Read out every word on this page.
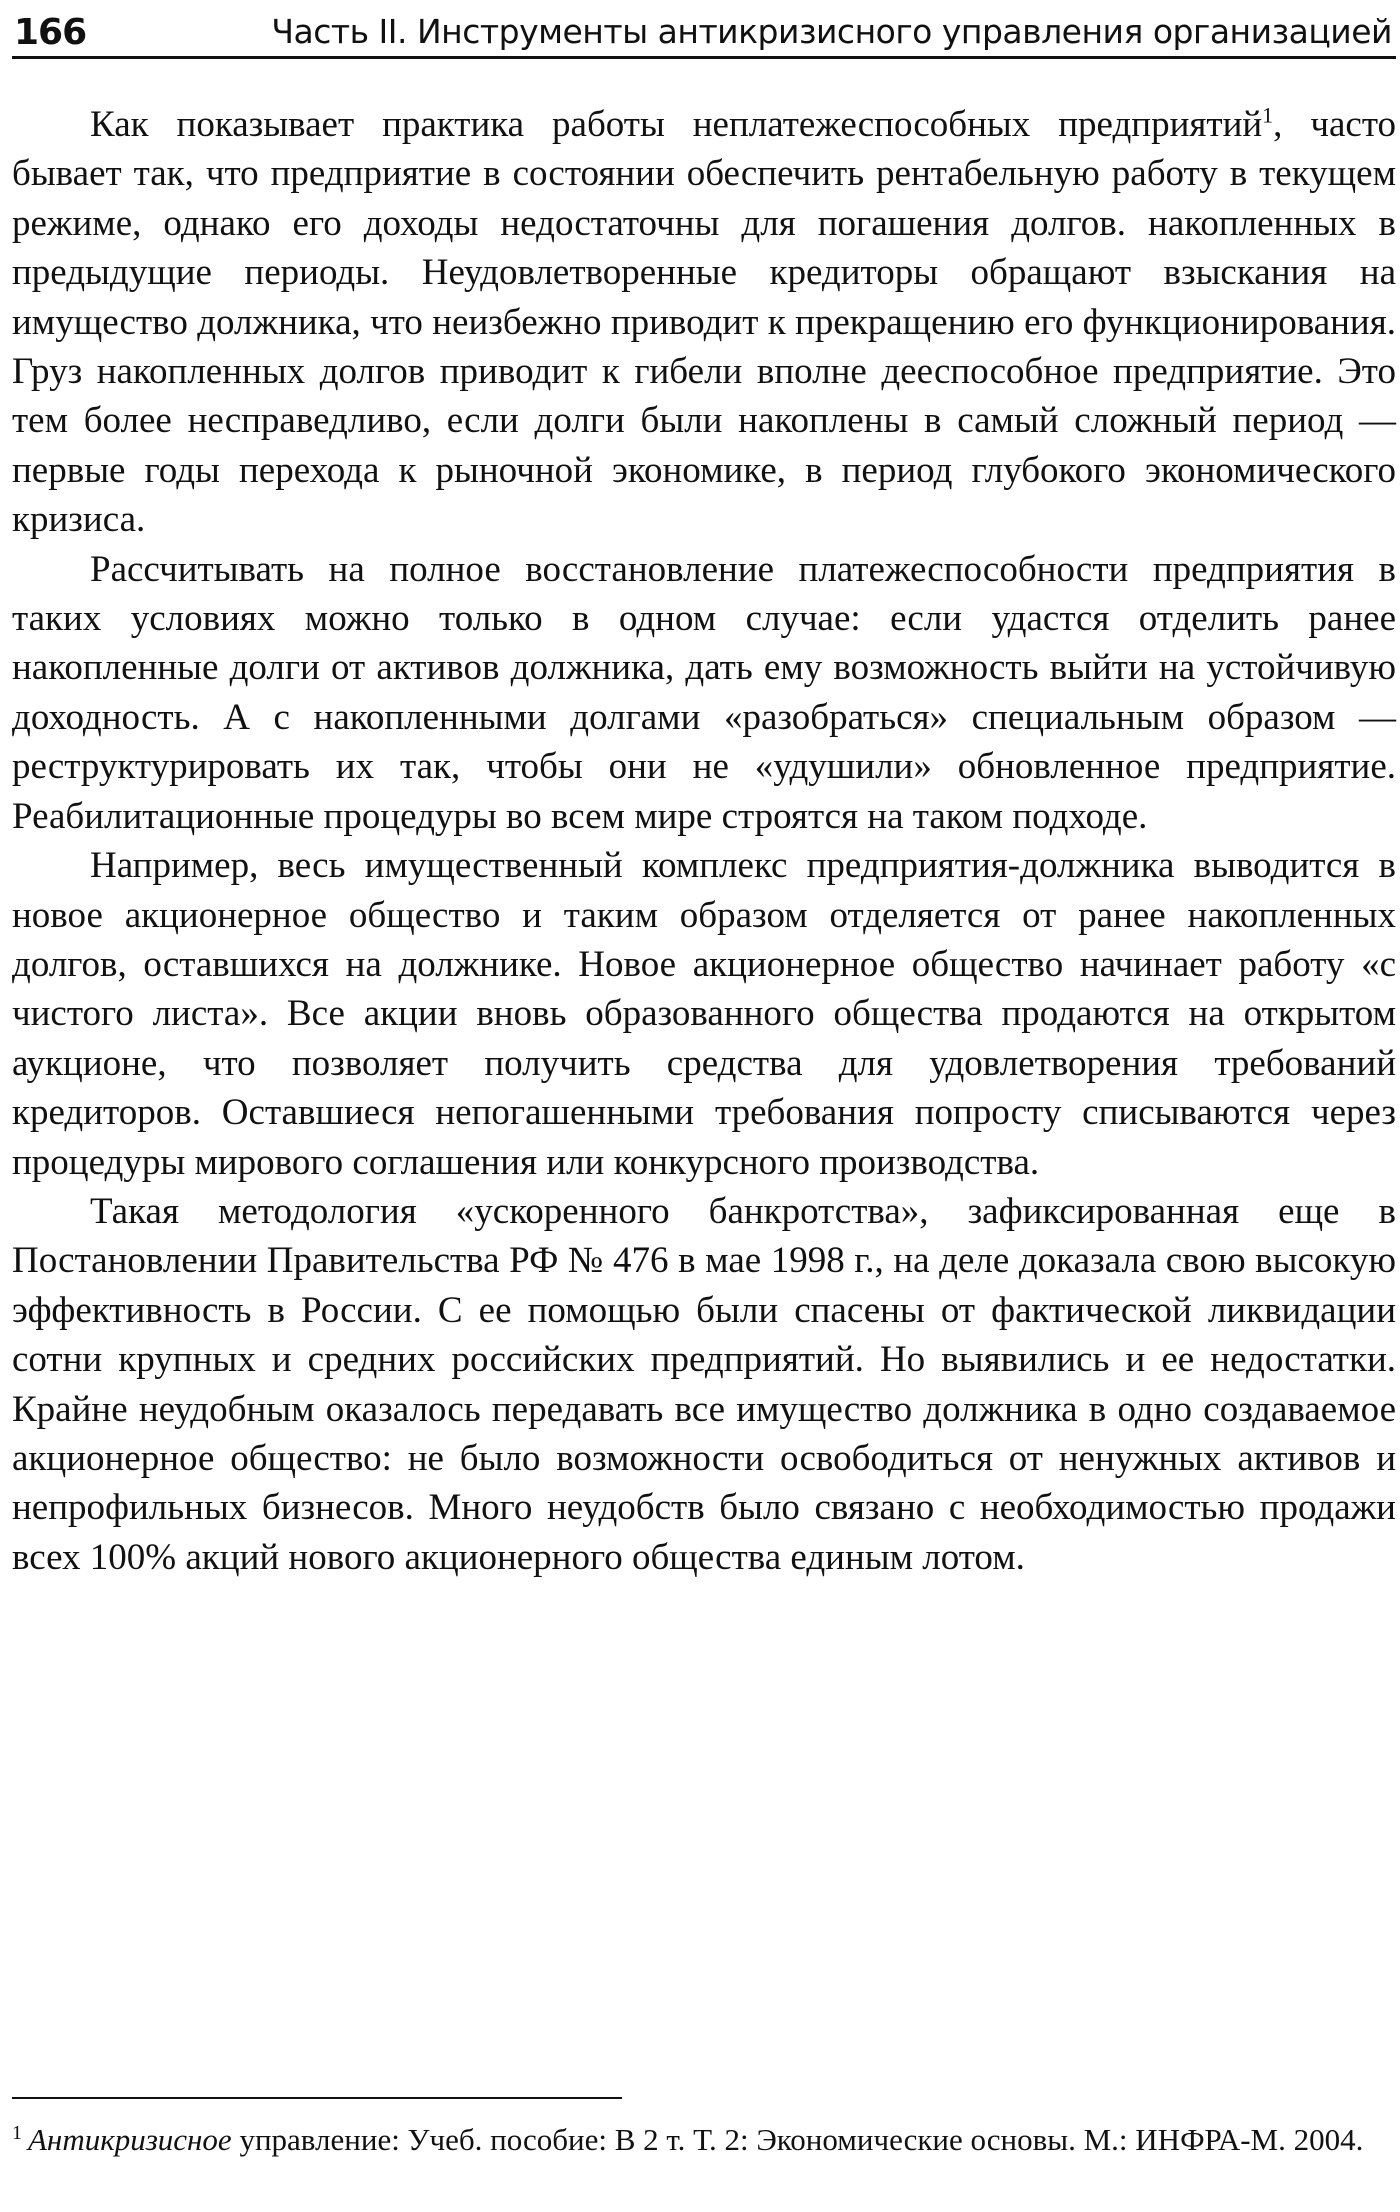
166	Часть II. Инструменты антикризисного управления организацией

Как показывает практика работы неплатежеспособных предприятий$^1$, часто бывает так, что предприятие в состоянии обеспечить рентабельную работу в текущем режиме, однако его доходы недостаточны для погашения долгов. накопленных в предыдущие периоды. Неудовлетворенные кредиторы обращают взыскания на имущество должника, что неизбежно приводит к прекращению его функционирования. Груз накопленных долгов приводит к гибели вполне дееспособное предприятие. Это тем более несправедливо, если долги были накоплены в самый сложный период — первые годы перехода к рыночной экономике, в период глубокого экономического кризиса.

Рассчитывать на полное восстановление платежеспособности предприятия в таких условиях можно только в одном случае: если удастся отделить ранее накопленные долги от активов должника, дать ему возможность выйти на устойчивую доходность. А с накопленными долгами «разобраться» специальным образом — реструктурировать их так, чтобы они не «удушили» обновленное предприятие. Реабилитационные процедуры во всем мире строятся на таком подходе.

Например, весь имущественный комплекс предприятия-должника выводится в новое акционерное общество и таким образом отделяется от ранее накопленных долгов, оставшихся на должнике. Новое акционерное общество начинает работу «с чистого листа». Все акции вновь образованного общества продаются на открытом аукционе, что позволяет получить средства для удовлетворения требований кредиторов. Оставшиеся непогашенными требования попросту списываются через процедуры мирового соглашения или конкурсного производства.

Такая методология «ускоренного банкротства», зафиксированная еще в Постановлении Правительства РФ № 476 в мае 1998 г., на деле доказала свою высокую эффективность в России. С ее помощью были спасены от фактической ликвидации сотни крупных и средних российских предприятий. Но выявились и ее недостатки. Крайне неудобным оказалось передавать все имущество должника в одно создаваемое акционерное общество: не было возможности освободиться от ненужных активов и непрофильных бизнесов. Много неудобств было связано с необходимостью продажи всех 100% акций нового акционерного общества единым лотом.

$^1$ Антикризисное управление: Учеб. пособие: В 2 т. Т. 2: Экономические основы. М.: ИНФРА-М. 2004.
